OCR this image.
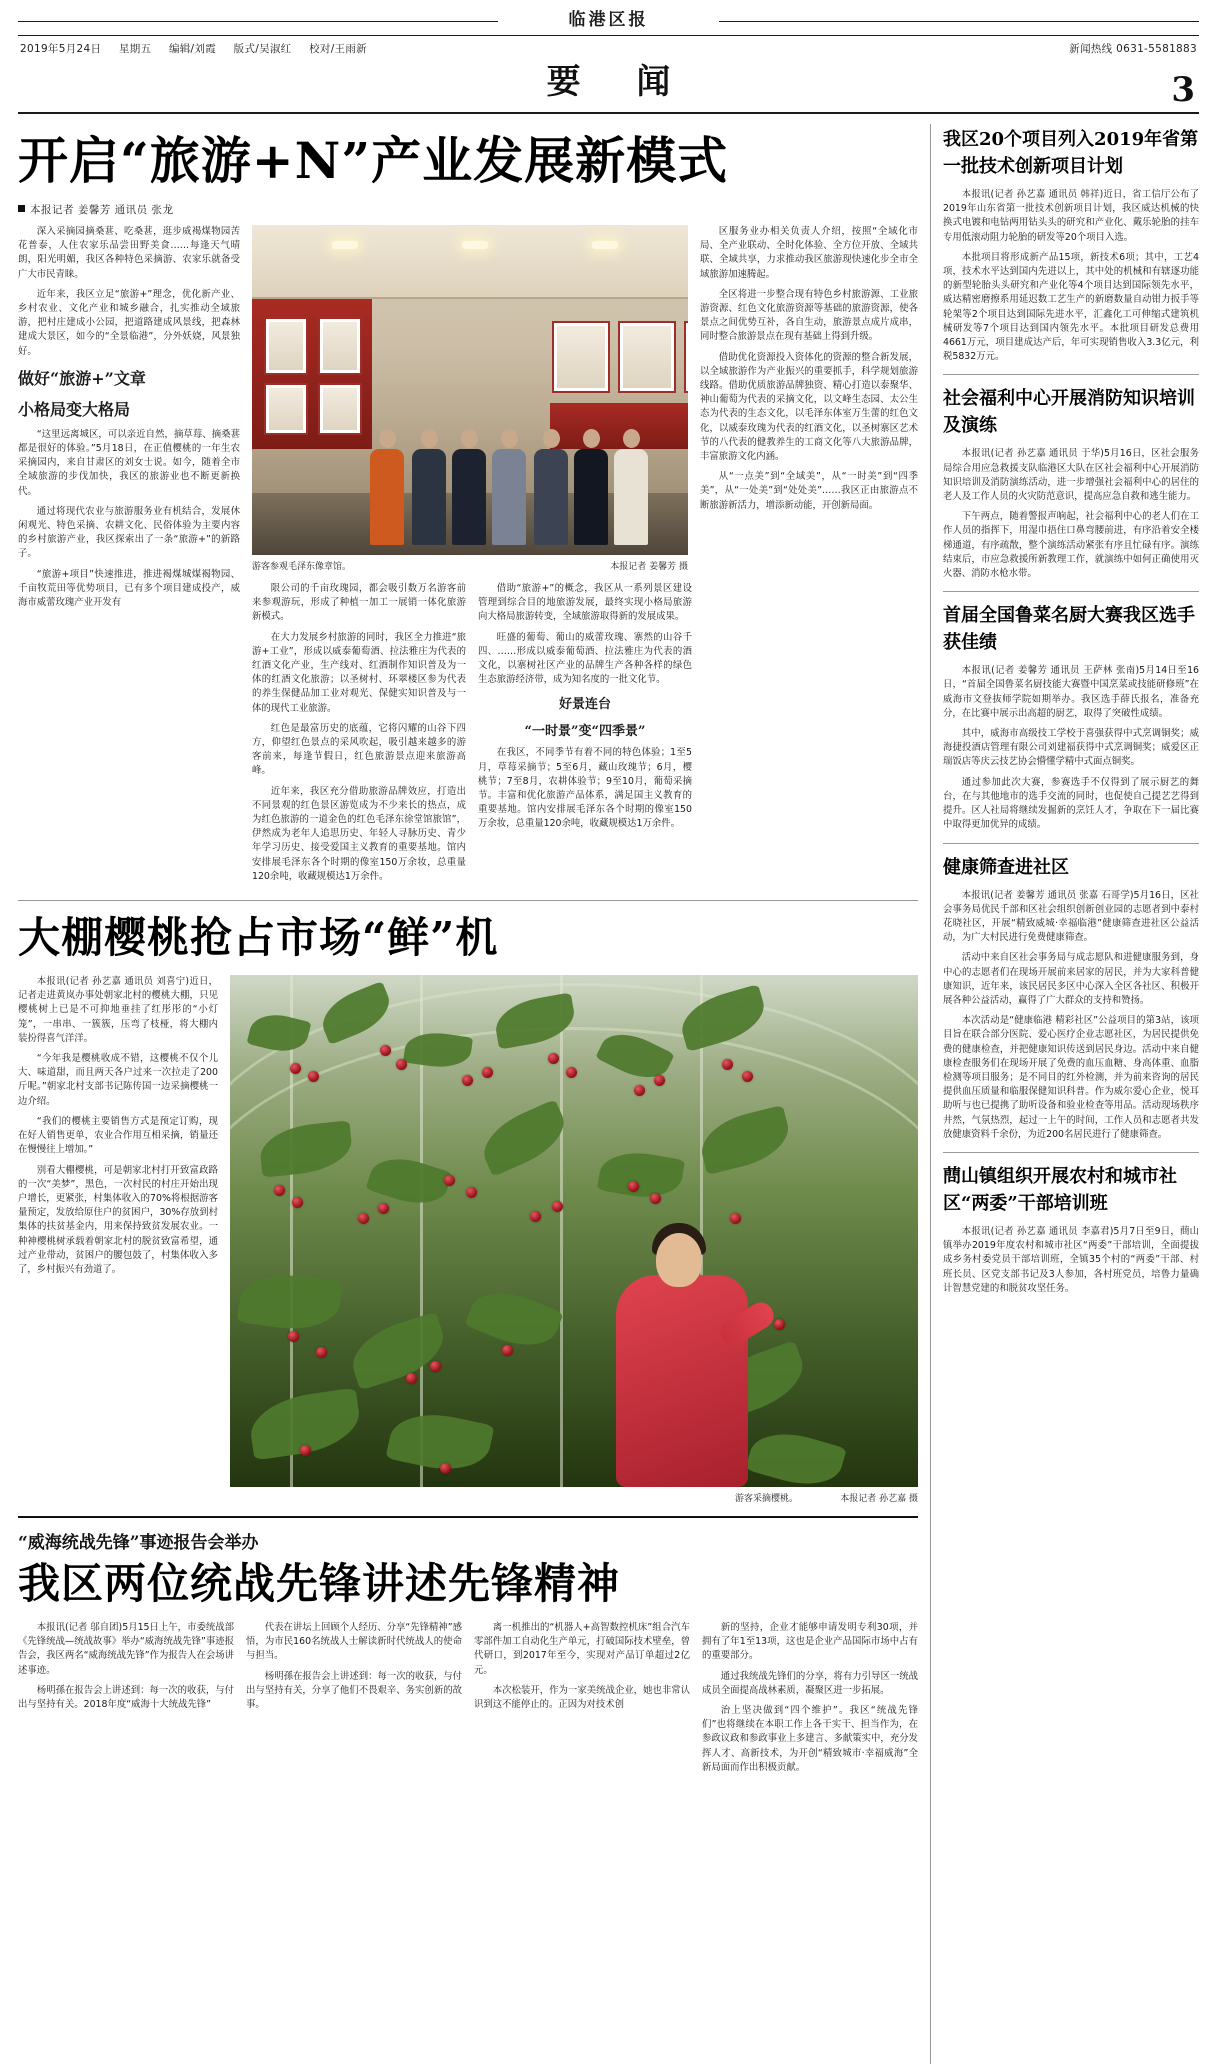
临港区报
2019年5月24日 星期五 编辑/刘霞 版式/吴淑红 校对/王雨新	新闻热线 0631-5581883
要 闻	3
开启“旅游+N”产业发展新模式
本报记者 姜馨芳 通讯员 张龙

深入采摘园摘桑葚、吃桑葚，逛步威褐煤物园苦花普泰，人住农家乐品尝田野美食……每逢天气晴朗，阳光明媚，我区各种特色采摘游、农家乐就备受广大市民青睐。

近年来，我区立足“旅游+”理念，优化新产业、乡村农业、文化产业和城乡融合，扎实推动全域旅游，把村庄建成小公园，把道路建成风景线，把森林建成大景区，如今的“全景临港”，分外妖娆，风景独好。

做好“旅游+”文章
小格局变大格局

“这里远离城区，可以亲近自然，摘草莓、摘桑葚都是很好的体验。”5月18日，在正值樱桃的一年生农采摘园内，来自甘肃区的刘女士说。如今，随着全市全域旅游的步伐加快，我区的旅游业也不断更新换代。

通过将现代农业与旅游服务业有机结合，发展休闲观光、特色采摘、农耕文化、民俗体验为主要内容的乡村旅游产业，我区探索出了一条“旅游+”的新路子。

“旅游+项目”快速推进，推进褐煤城煤褐物园、千亩牧荒田等优势项目，已有多个项目建成投产，威海市威蕾玫瑰产业开发有

游客参观毛泽东像章馆。	本报记者 姜馨芳 摄

区服务业办相关负责人介绍，按照“全域化市局、全产业联动、全时化体验、全方位开放、全域共联、全域共享，力求推动我区旅游现快速化步全市全域旅游加速腾起。

全区将进一步整合现有特色乡村旅游源、工业旅游资源、红色文化旅游资源等基础的旅游资源，使各景点之间优势互补，各自生动，旅游景点成片成串，同时整合旅游景点在现有基础上得到升级。

借助优化资源投入资体化的资源的整合新发展，以全域旅游作为产业振兴的重要抓手，科学规划旅游线路。借助优质旅游品牌独资、精心打造以泰聚华、神山葡萄为代表的采摘文化，以文峰生态园、太公生态为代表的生态文化，以毛泽东体室万生蕾的红色文化，以威泰玫瑰为代表的红酒文化，以圣树寨区艺术节的八代表的健教养生的工商文化等八大旅游品牌，丰富旅游文化内涵。

从“一点美”到“全域美”，从“一时美”到“四季美”，从“一处美”到“处处美”……我区正由旅游点不断旅游新活力，增添新动能，开创新局面。

限公司的千亩玫瑰园，都会吸引数万名游客前来参观游玩，形成了种植一加工一展销一体化旅游新模式。

在大力发展乡村旅游的同时，我区全力推进“旅游+工业”，形成以威泰葡萄酒、拉法雅庄为代表的红酒文化产业，生产线对、红酒制作知识普及为一体的红酒文化旅游；以圣树村、环翠楼区参为代表的养生保健品加工业对观光、保健实知识普及与一体的现代工业旅游。

红色是最富历史的底蕴，它将闪耀的山谷下四方，仰望红色景点的采风吹起，吸引越来越多的游客前来，每逢节假日，红色旅游景点迎来旅游高峰。

近年来，我区充分借助旅游品牌效应，打造出不同景观的红色景区游览成为不少来长的热点，成为红色旅游的一道金色的红色毛泽东徐堂馆旅馆”，伊然成为老年人追思历史、年轻人寻脉历史、青少年学习历史、接受爱国主义教育的重要基地。馆内安排展毛泽东各个时期的像室150万余妆，总重量120余吨，收藏规模达1万余件。

借助“旅游+”的概念，我区从一系列景区建设管理到综合目的地旅游发展，最终实现小格局旅游向大格局旅游转变，全域旅游取得新的发展成果。

旺盛的葡萄、葡山的威蕾玫瑰、寨然的山谷千四、……形成以威泰葡萄酒、拉法雅庄为代表的酒文化，以寨树社区产业的品牌生产各种各样的绿色生态旅游经济带，成为知名度的一批文化节。

好景连台
“一时景”变“四季景”

在我区，不同季节有着不同的特色体验；1至5月，草莓采摘节；5至6月，藏山玫瑰节；6月，樱桃节；7至8月，农耕体验节；9至10月，葡萄采摘节。丰富和优化旅游产品体系，满足国主义教育的重要基地。馆内安排展毛泽东各个时期的像室150万余妆，总重量120余吨，收藏规模达1万余件。

大棚樱桃抢占市场“鲜”机

本报讯(记者 孙艺嘉 通讯员 刘喜宁)近日，记者走进黄岚办事处朝家北村的樱桃大棚，只见樱桃树上已是不可抑地垂挂了红彤彤的“小灯笼”，一串串、一簇簇，压弯了枝桠，将大棚内装扮得喜气洋洋。

“今年我是樱桃收成不错，这樱桃不仅个儿大、味道甜，而且两天各户过来一次拉走了200斤呢。”朝家北村支部书记陈传国一边采摘樱桃一边介绍。

“我们的樱桃主要销售方式是预定订购，现在好人销售更单，农业合作用互相采摘，销量还在慢慢往上增加。”

别看大棚樱桃，可是朝家北村打开致富政路的一次“美梦”，黑色，一次村民的村庄开始出现户增长，更紧张，村集体收入的70%将根据游客量预定，发放给原住户的贫困户，30%存放到村集体的扶贫基金内，用来保持致贫发展农业。一种神樱桃树承载着朝家北村的脱贫致富希望，通过产业带动，贫困户的腰包鼓了，村集体收入多了，乡村振兴有劲道了。

游客采摘樱桃。	本报记者 孙艺嘉 摄
“威海统战先锋”事迹报告会举办
我区两位统战先锋讲述先锋精神

本报讯(记者 邬自团)5月15日上午，市委统战部《先锋统战—统战故事》举办“威海统战先锋”事迹报告会，我区两名“威海统战先锋”作为报告人在会场讲述事迹。

杨明孫在报告会上讲述到：每一次的收获，与付出与坚持有关。2018年度“威海十大统战先锋”

代表在讲坛上回顾个人经历、分享“先锋精神”感悟，为市民160名统战人士解读新时代统战人的使命与担当。

杨明孫在报告会上讲述到：每一次的收获，与付出与坚持有关，分享了他们不畏艰辛、务实创新的故事。

离一机推出的“机器人+高智数控机床”组合汽车零部件加工自动化生产单元，打破国际技术壁垒，曾代研口，到2017年至今，实现对产品订单超过2亿元。

本次松装开，作为一家美统战企业，她也非常认识到这不能停止的。正因为对技术创

新的坚持，企业才能够申请发明专利30项，并拥有了年1至13项，这也是企业产品国际市场中占有的重要部分。

通过我统战先锋们的分享，将有力引导区一统战成员全面提高战林素质，凝聚区进一步拓展。

治上坚决做到“四个维护”。我区“统战先锋们”也将继续在本职工作上各干实干、担当作为，在参政议政和参政事业上多建言、多献策实中，充分发挥人才、高新技术，为开创“精致城市·幸福威海”全新局面而作出积极贡献。

我区20个项目列入2019年省第一批技术创新项目计划

本报讯(记者 孙艺嘉 通讯员 韩祥)近日，省工信厅公布了2019年山东省第一批技术创新项目计划，我区威达机械的快换式电镀和电钻两用钻头头的研究和产业化、戴乐轮胎的挂车专用低滚动阻力轮胎的研发等20个项目入选。

本批项目将形成新产品15项，新技术6项；其中，工艺4项，技术水平达到国内先进以上，其中处的机械和有辖逐功能的新型轮胎头头研究和产业化等4个项目达到国际领先水平，威达精密磨擦系用延迟数工艺生产的新磨数量自动钳力扳手等轮架等2个项目达到国际先进水平，汇鑫化工可伸缩式建筑机械研发等7个项目达到国内领先水平。本批项目研发总费用4661万元，项目建成达产后，年可实现销售收入3.3亿元，利税5832万元。

社会福利中心开展消防知识培训及演练

本报讯(记者 孙艺嘉 通讯员 于华)5月16日，区社会服务局综合用应急救援支队临港区大队在区社会福利中心开展消防知识培训及消防演练活动，进一步增强社会福利中心的居住的老人及工作人员的火灾防范意识，提高应急自救和逃生能力。

下午两点，随着警报声响起，社会福利中心的老人们在工作人员的指挥下，用湿巾捂住口鼻弯腰前进，有序沿着安全楼梯通道，有序疏散，整个演练活动紧张有序且忙碌有序。演练结束后，市应急救援所新教理工作，就演练中如何正确使用灭火器、消防水枪水带。

首届全国鲁菜名厨大赛我区选手获佳绩

本报讯(记者 姜馨芳 通讯员 王萨林 张南)5月14日至16日，“首届全国鲁菜名厨技能大赛暨中国烹菜或技能研修班”在威海市文登抜师学院如期举办。我区选手薛氏报名，准备充分，在比赛中展示出高超的厨艺，取得了突破性成绩。

其中，威海市高级技工学校于喜强获得中式烹调铜奖；威海捷投酒店管理有限公司刘建福获得中式烹调铜奖；威爱区正瑞饭店等庆云技艺协会懵懂学精中式面点铜奖。

通过参加此次大赛，参赛选手不仅得到了展示厨艺的舞台，在与其他地市的选手交流的同时，也促使自己提艺艺得到提升。区人社局将继续发掘新的烹饪人才，争取在下一届比赛中取得更加优异的成绩。

健康筛查进社区

本报讯(记者 姜馨芳 通讯员 张嘉 石哥学)5月16日，区社会事务局优民千部和区社会组织创新创业园的志愿者到中泰村花晓社区，开展“精致威城·幸福临港”健康筛查进社区公益活动，为广大村民进行免费健康筛查。

活动中来自区社会事务局与成志愿队和进健康服务到，身中心的志愿者们在现场开展前来居家的居民，并为大家科普健康知识，近年来，该民居民多区中心深入全区各社区、积极开展各种公益活动，赢得了广大群众的支持和赞扬。

本次活动是“健康临港 精彩社区”公益项目的第3站，该项目旨在联合部分医院、爱心医疗企业志愿社区，为居民提供免费的健康检查，并把健康知识传送到居民身边。活动中来自健康检查服务们在现场开展了免费的血压血糖、身高体重、血脂检测等项目服务；是不同目的红外检测，并为前来咨询的居民提供血压质量和临服保健知识科普。作为威尔爱心企业，悦耳助听与也已提携了助听设备和验业检查等用品。活动现场秩序井然，气氛热烈，起过一上午的时间，工作人员和志愿者共发放健康资料千余份，为近200名居民进行了健康筛查。

蔄山镇组织开展农村和城市社区“两委”干部培训班

本报讯(记者 孙艺嘉 通讯员 李嘉君)5月7日至9日，蔄山镇举办2019年度农村和城市社区“两委”干部培训，全面提拔成乡务村委党员干部培训班，全镇35个村的“两委”干部、村班长员、区党支部书记及3人参加，各村班党员，培鲁力量确计智慧党建的和脱贫攻坚任务。
